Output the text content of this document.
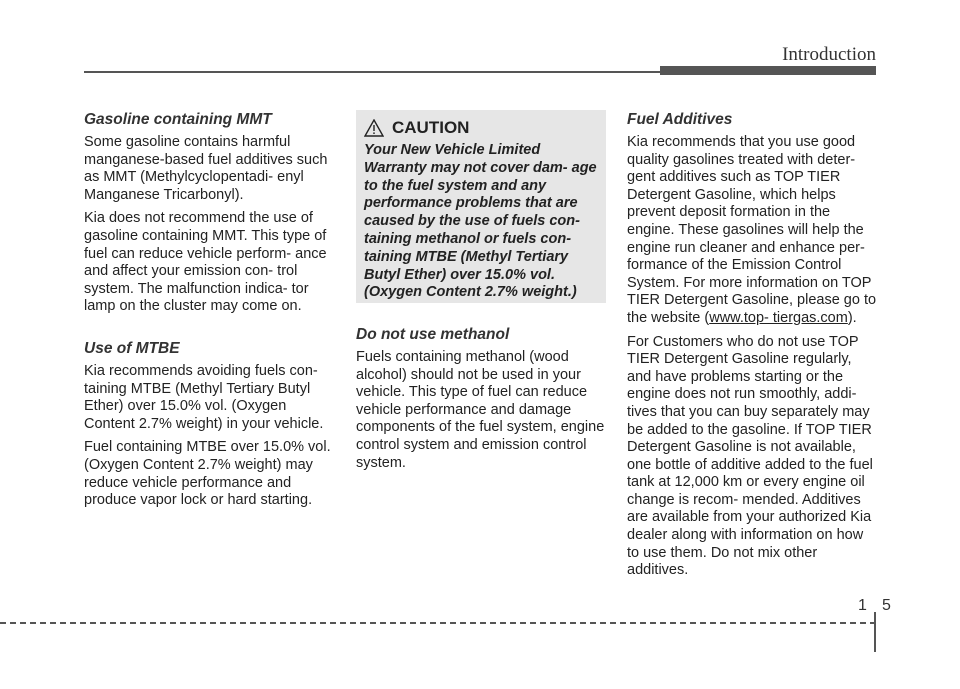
Introduction

Gasoline containing MMT

Some gasoline contains harmful manganese-based fuel additives such as MMT (Methylcyclopentadi- enyl Manganese Tricarbonyl).

Kia does not recommend the use of gasoline containing MMT. This type of fuel can reduce vehicle perform- ance and affect your emission con- trol system. The malfunction indica- tor lamp on the cluster may come on.

Use of MTBE

Kia recommends avoiding fuels con- taining MTBE (Methyl Tertiary Butyl Ether) over 15.0% vol. (Oxygen Content 2.7% weight) in your vehicle.

Fuel containing MTBE over 15.0% vol. (Oxygen Content 2.7% weight) may reduce vehicle performance and produce vapor lock or hard starting.

CAUTION

Your New Vehicle Limited Warranty may not cover dam- age to the fuel system and any performance problems that are caused by the use of fuels con- taining methanol or fuels con- taining MTBE (Methyl Tertiary Butyl Ether) over 15.0% vol. (Oxygen Content 2.7% weight.)

Do not use methanol

Fuels containing methanol (wood alcohol) should not be used in your vehicle. This type of fuel can reduce vehicle performance and damage components of the fuel system, engine control system and emission control system.

Fuel Additives

Kia recommends that you use good quality gasolines treated with deter- gent additives such as TOP TIER Detergent Gasoline, which helps prevent deposit formation in the engine. These gasolines will help the engine run cleaner and enhance per- formance of the Emission Control System. For more information on TOP TIER Detergent Gasoline, please go to the website (www.top- tiergas.com).

For Customers who do not use TOP TIER Detergent Gasoline regularly, and have problems starting or the engine does not run smoothly, addi- tives that you can buy separately may be added to the gasoline. If TOP TIER Detergent Gasoline is not available, one bottle of additive added to the fuel tank at 12,000 km or every engine oil change is recom- mended. Additives are available from your authorized Kia dealer along with information on how to use them. Do not mix other additives.

1 5
